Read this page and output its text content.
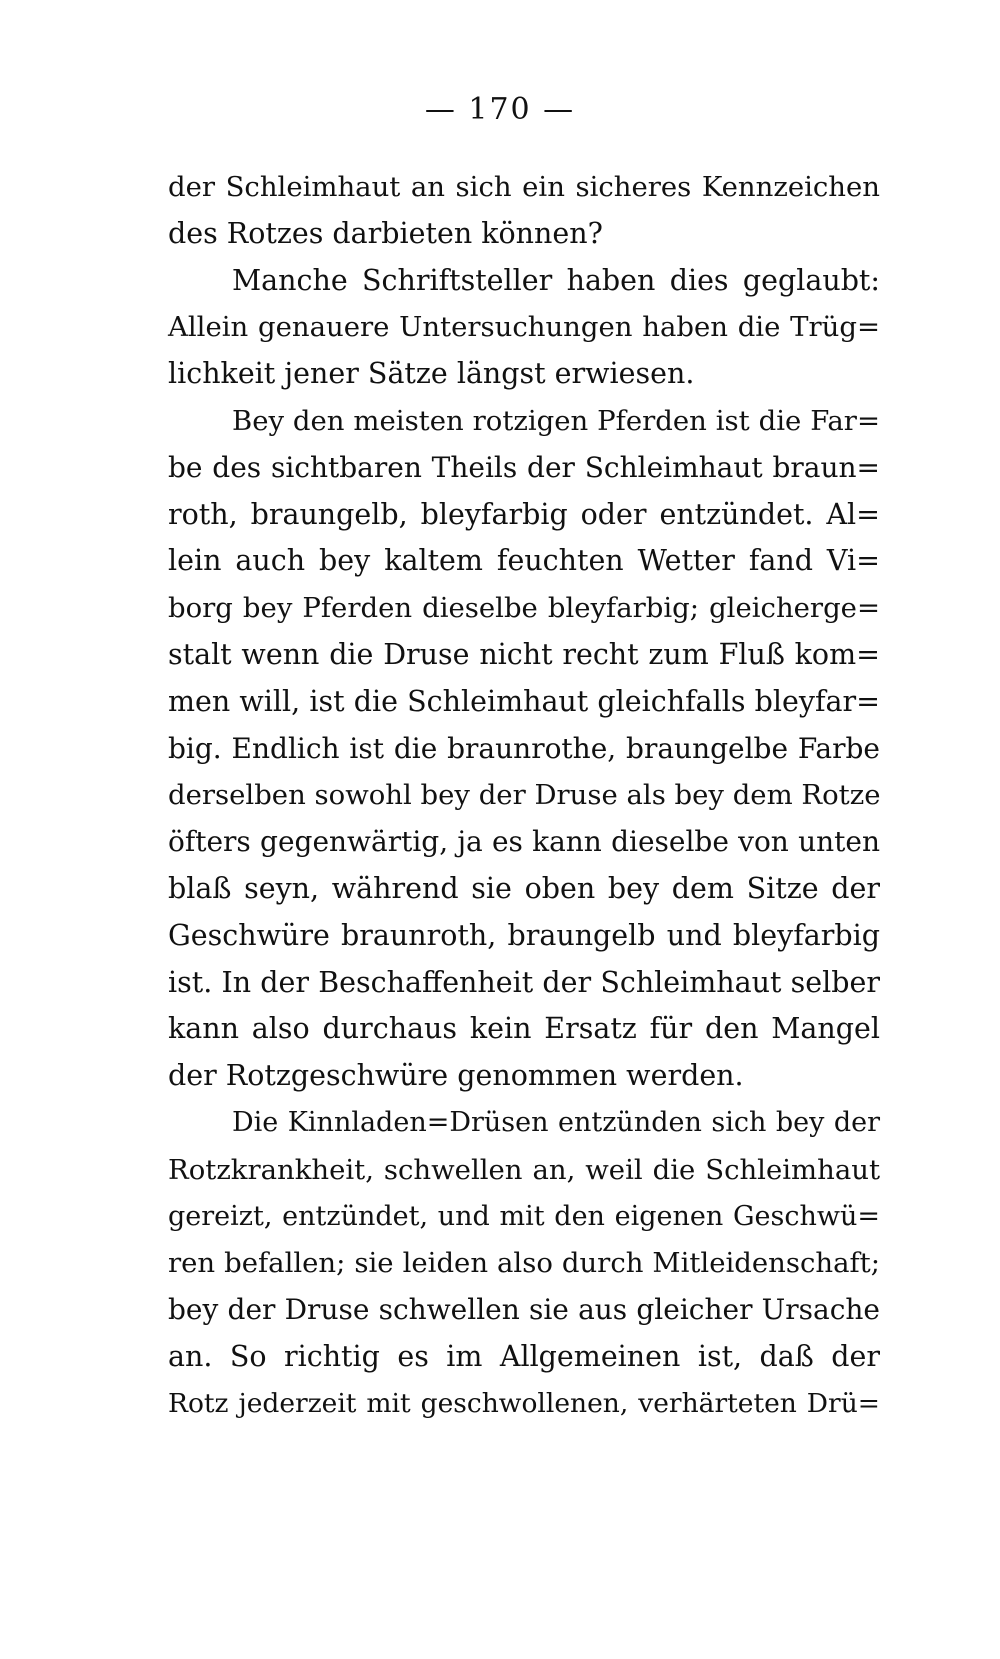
— 170 —
der Schleimhaut an sich ein sicheres Kennzeichen
des Rotzes darbieten können?
Manche Schriftsteller haben dies geglaubt:
Allein genauere Untersuchungen haben die Trüg=
lichkeit jener Sätze längst erwiesen.
Bey den meisten rotzigen Pferden ist die Far=
be des sichtbaren Theils der Schleimhaut braun=
roth, braungelb, bleyfarbig oder entzündet. Al=
lein auch bey kaltem feuchten Wetter fand Vi=
borg bey Pferden dieselbe bleyfarbig; gleicherge=
stalt wenn die Druse nicht recht zum Fluß kom=
men will, ist die Schleimhaut gleichfalls bleyfar=
big. Endlich ist die braunrothe, braungelbe Farbe
derselben sowohl bey der Druse als bey dem Rotze
öfters gegenwärtig, ja es kann dieselbe von unten
blaß seyn, während sie oben bey dem Sitze der
Geschwüre braunroth, braungelb und bleyfarbig
ist. In der Beschaffenheit der Schleimhaut selber
kann also durchaus kein Ersatz für den Mangel
der Rotzgeschwüre genommen werden.
Die Kinnladen=Drüsen entzünden sich bey der
Rotzkrankheit, schwellen an, weil die Schleimhaut
gereizt, entzündet, und mit den eigenen Geschwü=
ren befallen; sie leiden also durch Mitleidenschaft;
bey der Druse schwellen sie aus gleicher Ursache
an. So richtig es im Allgemeinen ist, daß der
Rotz jederzeit mit geschwollenen, verhärteten Drü=
